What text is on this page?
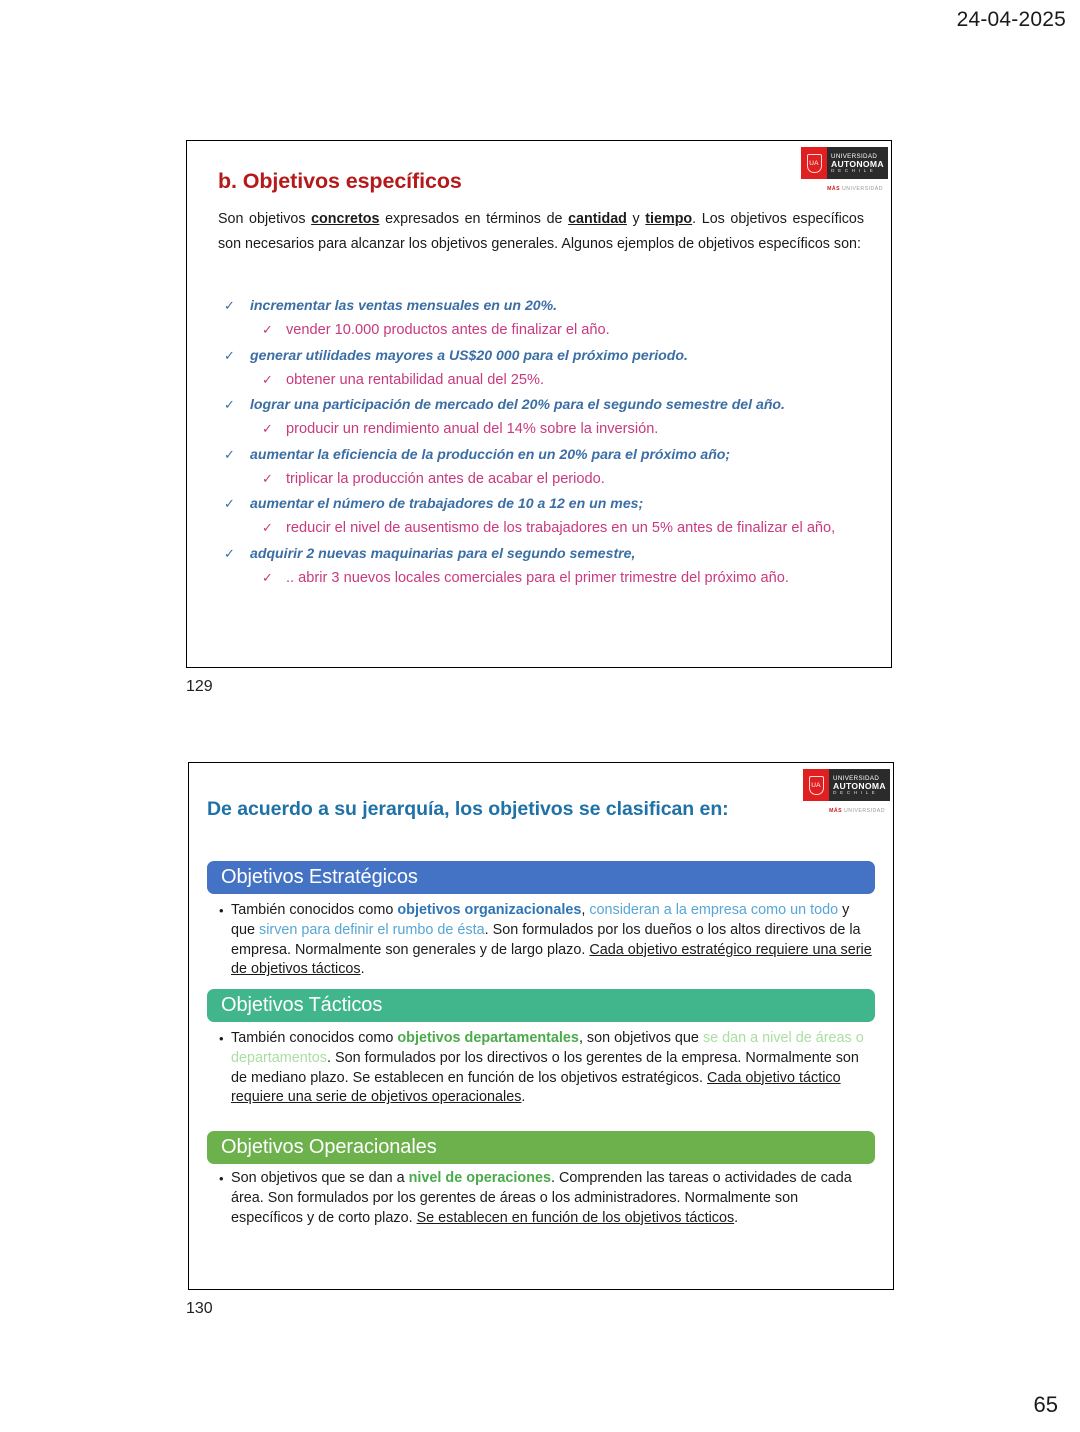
24-04-2025
UA
UNIVERSIDAD
AUTONOMA
D E C H I L E
MÁS UNIVERSIDAD
b. Objetivos específicos
Son objetivos concretos expresados en términos de cantidad y tiempo. Los objetivos específicos son necesarios para alcanzar los objetivos generales. Algunos ejemplos de objetivos específicos son:
✓ incrementar las ventas mensuales en un 20%.
✓ vender 10.000 productos antes de finalizar el año.
✓ generar utilidades mayores a US$20 000 para el próximo periodo.
✓ obtener una rentabilidad anual del 25%.
✓ lograr una participación de mercado del 20% para el segundo semestre del año.
✓ producir un rendimiento anual del 14% sobre la inversión.
✓ aumentar la eficiencia de la producción en un 20% para el próximo año;
✓ triplicar la producción antes de acabar el periodo.
✓ aumentar el número de trabajadores de 10 a 12 en un mes;
✓ reducir el nivel de ausentismo de los trabajadores en un 5% antes de finalizar el año,
✓ adquirir 2 nuevas maquinarias para el segundo semestre,
✓ .. abrir 3 nuevos locales comerciales para el primer trimestre del próximo año.
129
UA
UNIVERSIDAD
AUTONOMA
D E C H I L E
MÁS UNIVERSIDAD
De acuerdo a su jerarquía, los objetivos se clasifican en:
Objetivos Estratégicos
• También conocidos como objetivos organizacionales, consideran a la empresa como un todo y que sirven para definir el rumbo de ésta. Son formulados por los dueños o los altos directivos de la empresa. Normalmente son generales y de largo plazo. Cada objetivo estratégico requiere una serie de objetivos tácticos.
Objetivos Tácticos
• También conocidos como objetivos departamentales, son objetivos que se dan a nivel de áreas o departamentos. Son formulados por los directivos o los gerentes de la empresa. Normalmente son de mediano plazo. Se establecen en función de los objetivos estratégicos. Cada objetivo táctico requiere una serie de objetivos operacionales.
Objetivos Operacionales
• Son objetivos que se dan a nivel de operaciones. Comprenden las tareas o actividades de cada área. Son formulados por los gerentes de áreas o los administradores. Normalmente son específicos y de corto plazo. Se establecen en función de los objetivos tácticos.
130
65
